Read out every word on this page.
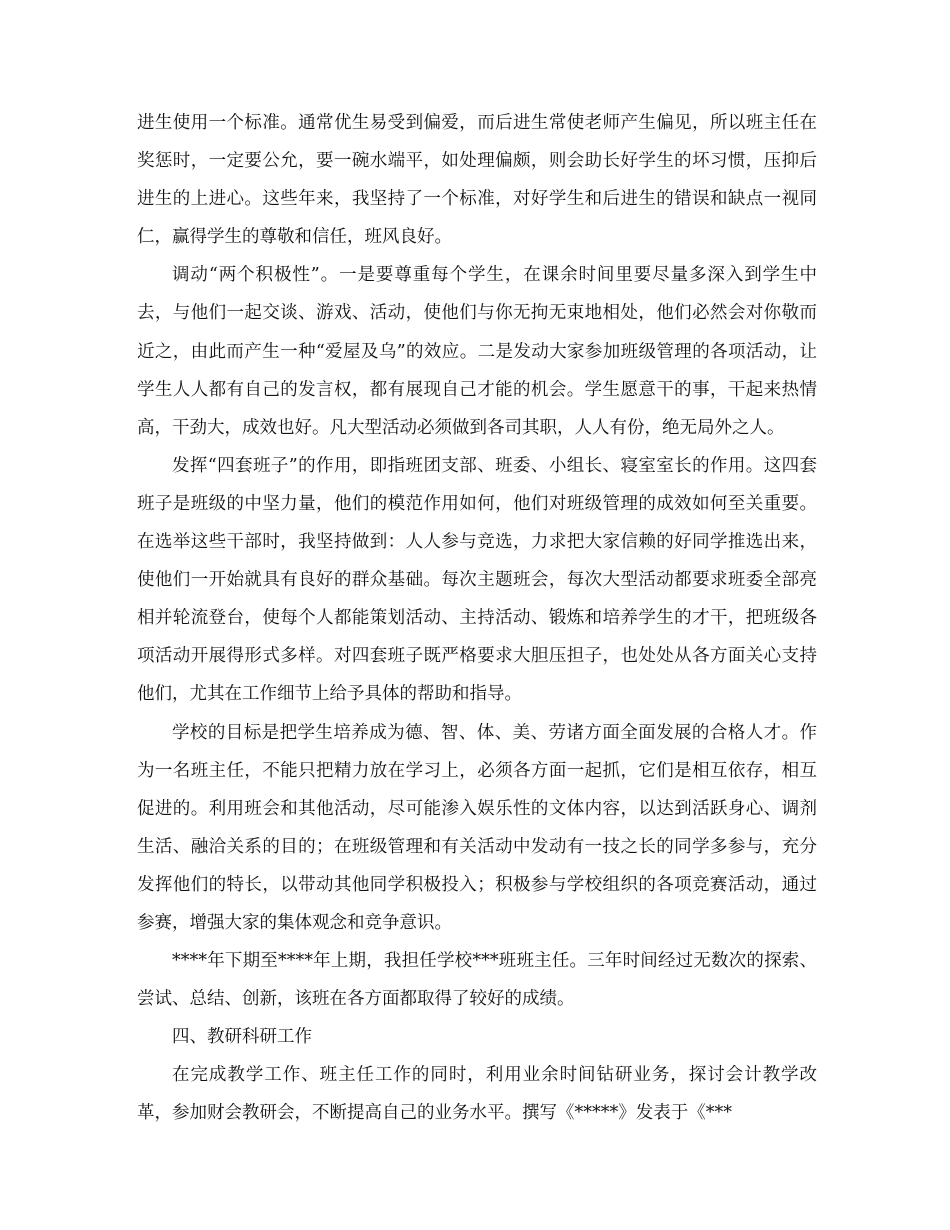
进生使用一个标准。通常优生易受到偏爱，而后进生常使老师产生偏见，所以班主任在奖惩时，一定要公允，要一碗水端平，如处理偏颇，则会助长好学生的坏习惯，压抑后进生的上进心。这些年来，我坚持了一个标准，对好学生和后进生的错误和缺点一视同仁，赢得学生的尊敬和信任，班风良好。

调动“两个积极性”。一是要尊重每个学生，在课余时间里要尽量多深入到学生中去，与他们一起交谈、游戏、活动，使他们与你无拘无束地相处，他们必然会对你敬而近之，由此而产生一种“爱屋及乌”的效应。二是发动大家参加班级管理的各项活动，让学生人人都有自己的发言权，都有展现自己才能的机会。学生愿意干的事，干起来热情高，干劲大，成效也好。凡大型活动必须做到各司其职，人人有份，绝无局外之人。

发挥“四套班子”的作用，即指班团支部、班委、小组长、寝室室长的作用。这四套班子是班级的中坚力量，他们的模范作用如何，他们对班级管理的成效如何至关重要。在选举这些干部时，我坚持做到：人人参与竞选，力求把大家信赖的好同学推选出来，使他们一开始就具有良好的群众基础。每次主题班会，每次大型活动都要求班委全部亮相并轮流登台，使每个人都能策划活动、主持活动、锻炼和培养学生的才干，把班级各项活动开展得形式多样。对四套班子既严格要求大胆压担子，也处处从各方面关心支持他们，尤其在工作细节上给予具体的帮助和指导。

学校的目标是把学生培养成为德、智、体、美、劳诸方面全面发展的合格人才。作为一名班主任，不能只把精力放在学习上，必须各方面一起抓，它们是相互依存，相互促进的。利用班会和其他活动，尽可能渗入娱乐性的文体内容，以达到活跃身心、调剂生活、融洽关系的目的；在班级管理和有关活动中发动有一技之长的同学多参与，充分发挥他们的特长，以带动其他同学积极投入；积极参与学校组织的各项竞赛活动，通过参赛，增强大家的集体观念和竞争意识。

****年下期至****年上期，我担任学校***班班主任。三年时间经过无数次的探索、尝试、总结、创新，该班在各方面都取得了较好的成绩。

四、教研科研工作

在完成教学工作、班主任工作的同时，利用业余时间钻研业务，探讨会计教学改革，参加财会教研会，不断提高自己的业务水平。撰写《*****》发表于《***
